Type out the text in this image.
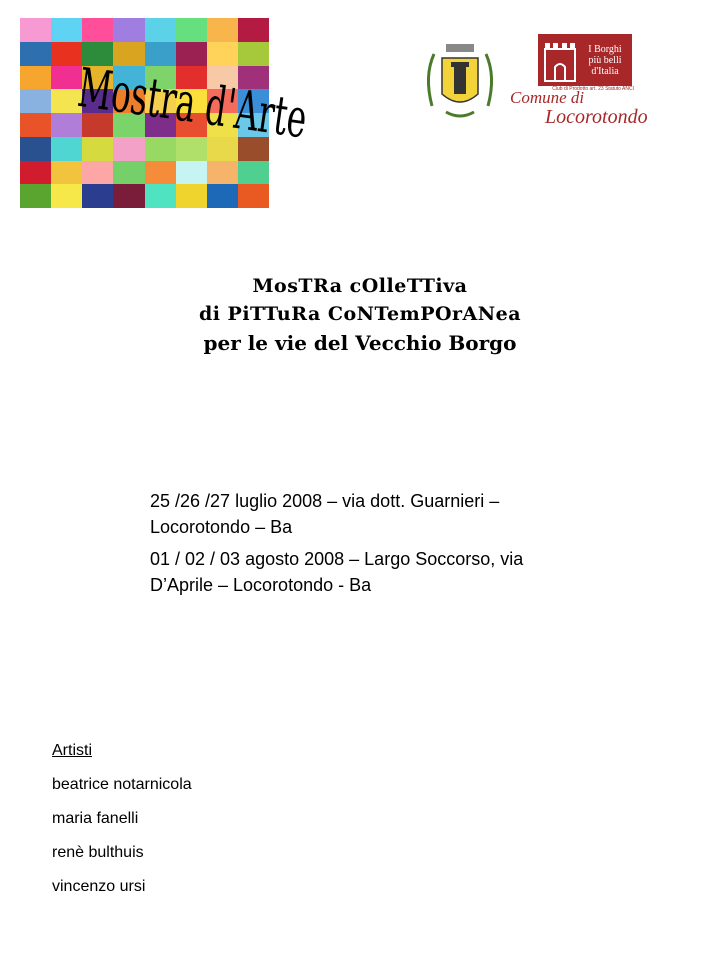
Mostra d'Arte
I Borghi
più belli
d'Italia
Club di Prodotto art. 23 Statuto ANCI
Comune di
Locorotondo
MosTRa cOlleTTiva
di PiTTuRa CoNTemPOrANea
per le vie del Vecchio Borgo

25 /26 /27 luglio 2008 – via dott. Guarnieri – Locorotondo – Ba

01 / 02 / 03 agosto 2008 – Largo Soccorso, via D’Aprile – Locorotondo - Ba

Artisti
beatrice notarnicola
maria fanelli
renè bulthuis
vincenzo ursi
